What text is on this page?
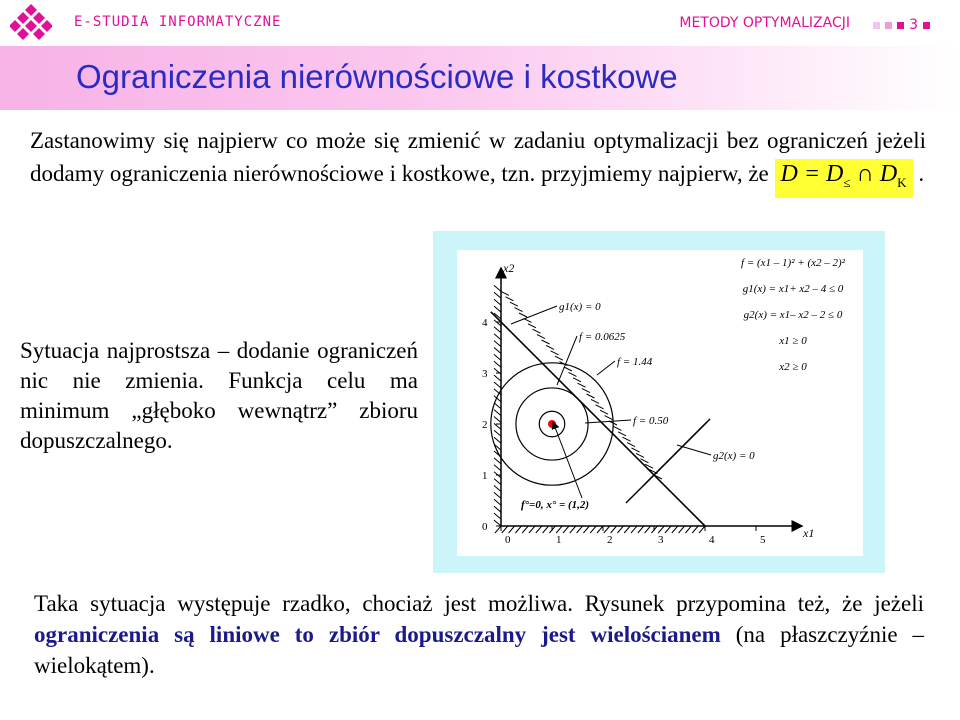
E-STUDIA INFORMATYCZNE	METODY OPTYMALIZACJI	3
Ograniczenia nierównościowe i kostkowe
Zastanowimy się najpierw co może się zmienić w zadaniu optymalizacji bez ograniczeń jeżeli dodamy ograniczenia nierównościowe i kostkowe, tzn. przyjmiemy najpierw, że $D = D_\le$ ∩ $D_K$ .
Sytuacja najprostsza – dodanie ograniczeń nic nie zmienia. Funkcja celu ma minimum „głęboko wewnątrz” zbioru dopuszczalnego.
Taka sytuacja występuje rzadko, chociaż jest możliwa. Rysunek przypomina też, że jeżeli ograniczenia są liniowe to zbiór dopuszczalny jest wielościanem (na płaszczyźnie – wielokątem).
0	1	2	3	4	5
0
1
2
3
4
x2
x1
f = (x1 – 1)² + (x2 – 2)²
g1(x) = x1+ x2 – 4 ≤ 0
g2(x) = x1– x2 – 2 ≤ 0
x1 ≥ 0
x2 ≥ 0
g1(x) = 0
g2(x) = 0
f = 0.0625
f = 1.44
f = 0.50
f°=0, x° = (1,2)
